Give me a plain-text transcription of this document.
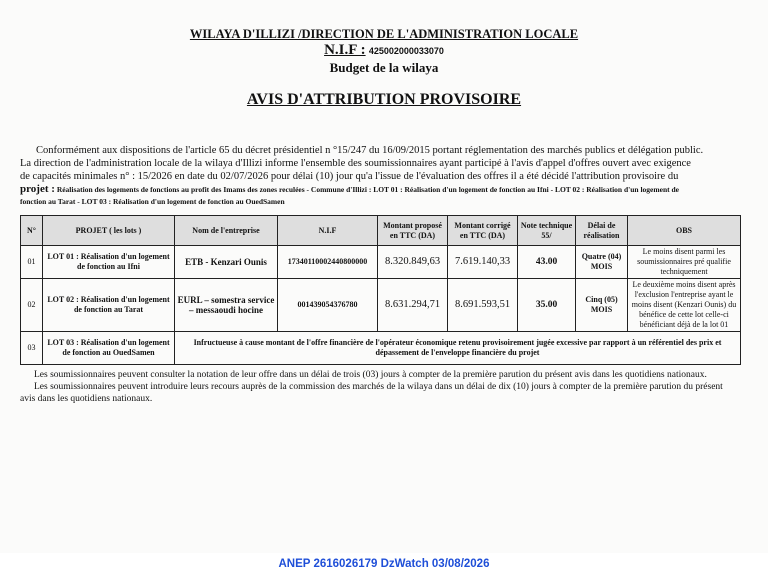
WILAYA D'ILLIZI /DIRECTION DE L'ADMINISTRATION LOCALE
N.I.F : 425002000033070
Budget de la wilaya
AVIS D'ATTRIBUTION PROVISOIRE
Conformément aux dispositions de l'article 65 du décret présidentiel n °15/247 du 16/09/2015 portant réglementation des marchés publics et délégation public.
La direction de l'administration locale de la wilaya d'Illizi informe l'ensemble des soumissionnaires ayant participé à l'avis d'appel d'offres ouvert avec exigence
de capacités minimales n° : 15/2026 en date du 02/07/2026 pour délai (10) jour qu'a l'issue de l'évaluation des offres il a été décidé l'attribution provisoire du
projet : Réalisation des logements de fonctions au profit des Imams des zones reculées - Commune d'Illizi : LOT 01 : Réalisation d'un logement de fonction au Ifni - LOT 02 : Réalisation d'un logement de
fonction au Tarat - LOT 03 : Réalisation d'un logement de fonction au OuedSamen
N°	PROJET ( les lots )	Nom de l'entreprise	N.I.F	Montant proposé en TTC (DA)	Montant corrigé en TTC (DA)	Note technique 55/	Délai de réalisation	OBS
01	LOT 01 : Réalisation d'un logement de fonction au Ifni	ETB - Kenzari Ounis	17340110002440800000	8.320.849,63	7.619.140,33	43.00	Quatre (04) MOIS	Le moins disent parmi les soumissionnaires pré qualifie techniquement
02	LOT 02 : Réalisation d'un logement de fonction au Tarat	EURL – somestra service – messaoudi hocine	001439054376780	8.631.294,71	8.691.593,51	35.00	Cinq (05) MOIS	Le deuxième moins disent après l'exclusion l'entreprise ayant le moins disent (Kenzari Ounis) du bénéfice de cette lot celle-ci bénéficiant déjà de la lot 01
03	LOT 03 : Réalisation d'un logement de fonction au OuedSamen	Infructueuse à cause montant de l'offre financière de l'opérateur économique retenu provisoirement jugée excessive par rapport à un référentiel des prix et dépassement de l'enveloppe financière du projet						
Les soumissionnaires peuvent consulter la notation de leur offre dans un délai de trois (03) jours à compter de la première parution du présent avis dans les quotidiens nationaux.
Les soumissionnaires peuvent introduire leurs recours auprès de la commission des marchés de la wilaya dans un délai de dix (10) jours à compter de la première parution du présent avis dans les quotidiens nationaux.
ANEP 2616026179 DzWatch 03/08/2026
